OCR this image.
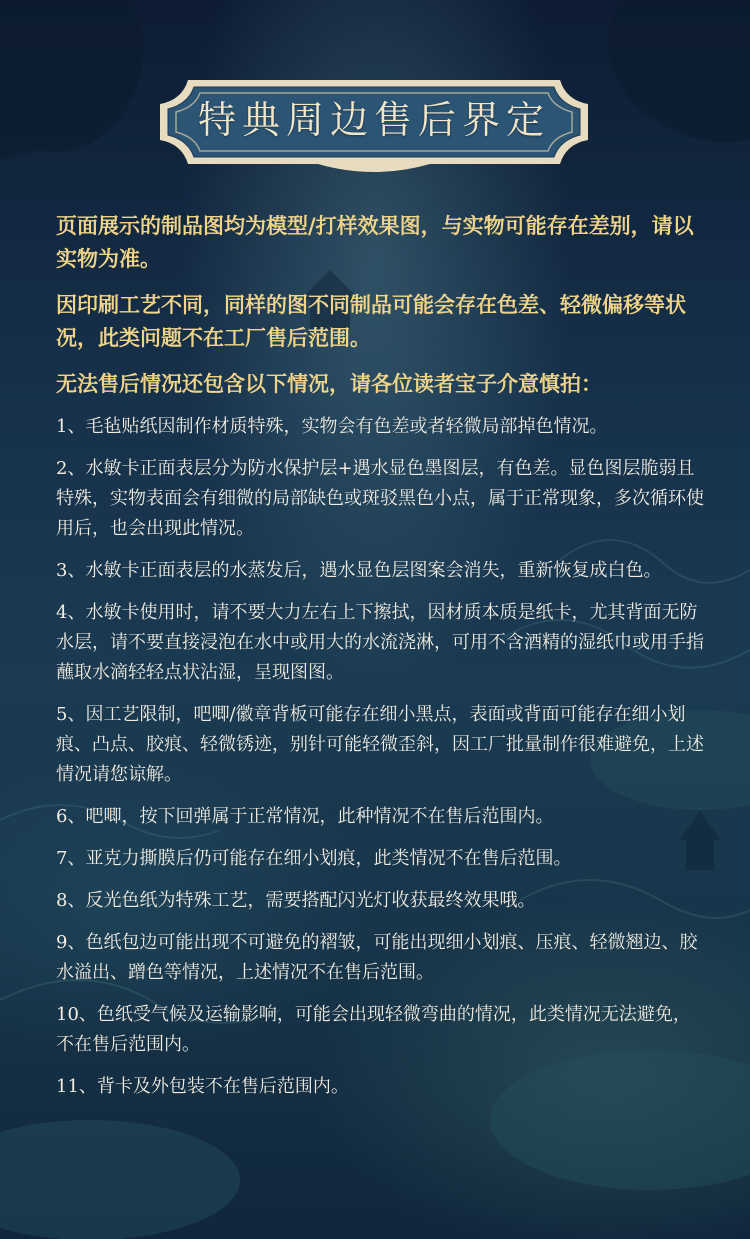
特典周边售后界定

页面展示的制品图均为模型/打样效果图，与实物可能存在差别，请以实物为准。

因印刷工艺不同，同样的图不同制品可能会存在色差、轻微偏移等状况，此类问题不在工厂售后范围。

无法售后情况还包含以下情况，请各位读者宝子介意慎拍：

1、毛毡贴纸因制作材质特殊，实物会有色差或者轻微局部掉色情况。

2、水敏卡正面表层分为防水保护层+遇水显色墨图层，有色差。显色图层脆弱且特殊，实物表面会有细微的局部缺色或斑驳黑色小点，属于正常现象，多次循环使用后，也会出现此情况。

3、水敏卡正面表层的水蒸发后，遇水显色层图案会消失，重新恢复成白色。

4、水敏卡使用时，请不要大力左右上下擦拭，因材质本质是纸卡，尤其背面无防水层，请不要直接浸泡在水中或用大的水流浇淋，可用不含酒精的湿纸巾或用手指蘸取水滴轻轻点状沾湿，呈现图图。

5、因工艺限制，吧唧/徽章背板可能存在细小黑点，表面或背面可能存在细小划痕、凸点、胶痕、轻微锈迹，别针可能轻微歪斜，因工厂批量制作很难避免，上述情况请您谅解。

6、吧唧，按下回弹属于正常情况，此种情况不在售后范围内。

7、亚克力撕膜后仍可能存在细小划痕，此类情况不在售后范围。

8、反光色纸为特殊工艺，需要搭配闪光灯收获最终效果哦。

9、色纸包边可能出现不可避免的褶皱，可能出现细小划痕、压痕、轻微翘边、胶水溢出、蹭色等情况，上述情况不在售后范围。

10、色纸受气候及运输影响，可能会出现轻微弯曲的情况，此类情况无法避免，不在售后范围内。

11、背卡及外包装不在售后范围内。
